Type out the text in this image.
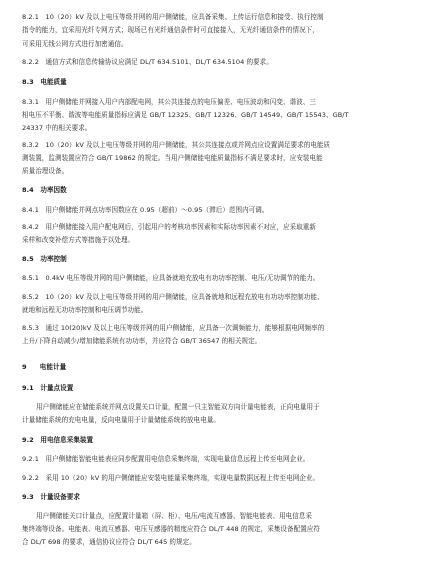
8.2.1　10（20）kV 及以上电压等级并网的用户侧储能，应具备采集、上传运行信息和接受、执行控制
指令的能力，宜采用光纤专网方式；现场已有光纤通信条件时可直接接入，无光纤通信条件的情况下，
可采用无线公网方式进行加密通信。
8.2.2　通信方式和信息传输协议应满足 DL/T 634.5101、DL/T 634.5104 的要求。
8.3　电能质量
8.3.1　用户侧储能并网接入用户内部配电网，其公共连接点的电压偏差、电压波动和闪变、谐波、三
相电压不平衡、谐波等电能质量指标应满足 GB/T 12325、GB/T 12326、GB/T 14549、GB/T 15543、GB/T
24337 中的相关要求。
8.3.2　10（20）kV 及以上电压等级并网的用户侧储能，其公共连接点或并网点应设置满足要求的电能质
测装置，监测装置应符合 GB/T 19862 的规定。当用户侧储能电能质量指标不满足要求时，应安装电能
质量治理设备。
8.4　功率因数
8.4.1　用户侧储能并网点功率因数应在 0.95（超前）～0.95（滞后）范围内可调。
8.4.2　用户侧储能接入用户配电网后，引起用户的考核功率因素和实际功率因素不对应，应采取重新
采样和改变补偿方式等措施予以处理。
8.5　功率控制
8.5.1　0.4kV 电压等级并网的用户侧储能，应具备就地充放电有功功率控制、电压/无功调节的能力。
8.5.2　10（20）kV 及以上电压等级并网的用户侧储能，应具备就地和远程充放电有功功率控制功能、
就地和远程无功功率控制和电压调节功能。
8.5.3　通过 10(20)kV 及以上电压等级并网的用户侧储能，应具备一次调频能力，能够根据电网频率的
上升/下降自动减少/增加储能系统有功功率，并应符合 GB/T 36547 的相关规定。
9　　电能计量
9.1　计量点设置
用户侧储能应在储能系统并网点设置关口计量，配置一只主智能双方向计量电能表，正向电量用于
计量储能系统的充电电量，反向电量用于计量储能系统的放电电量。
9.2　用电信息采集装置
9.2.1　用户侧储能智能电能表应同步配置用电信息采集终端，实现电量信息远程上传至电网企业。
9.2.2　采用 10（20）kV 的用户侧储能应安装电能量采集终端，实现电量数据远程上传至电网企业。
9.3　计量设备要求
用户侧储能关口计量点，应配置计量箱（屏、柜）、电压/电流互感器、智能电能表、用电信息采
集终端等设备。电能表、电流互感器、电压互感器的精度应符合 DL/T 448 的规定，采集设备配置应符
合 DL/T 698 的要求，通信协议应符合 DL/T 645 的规定。
